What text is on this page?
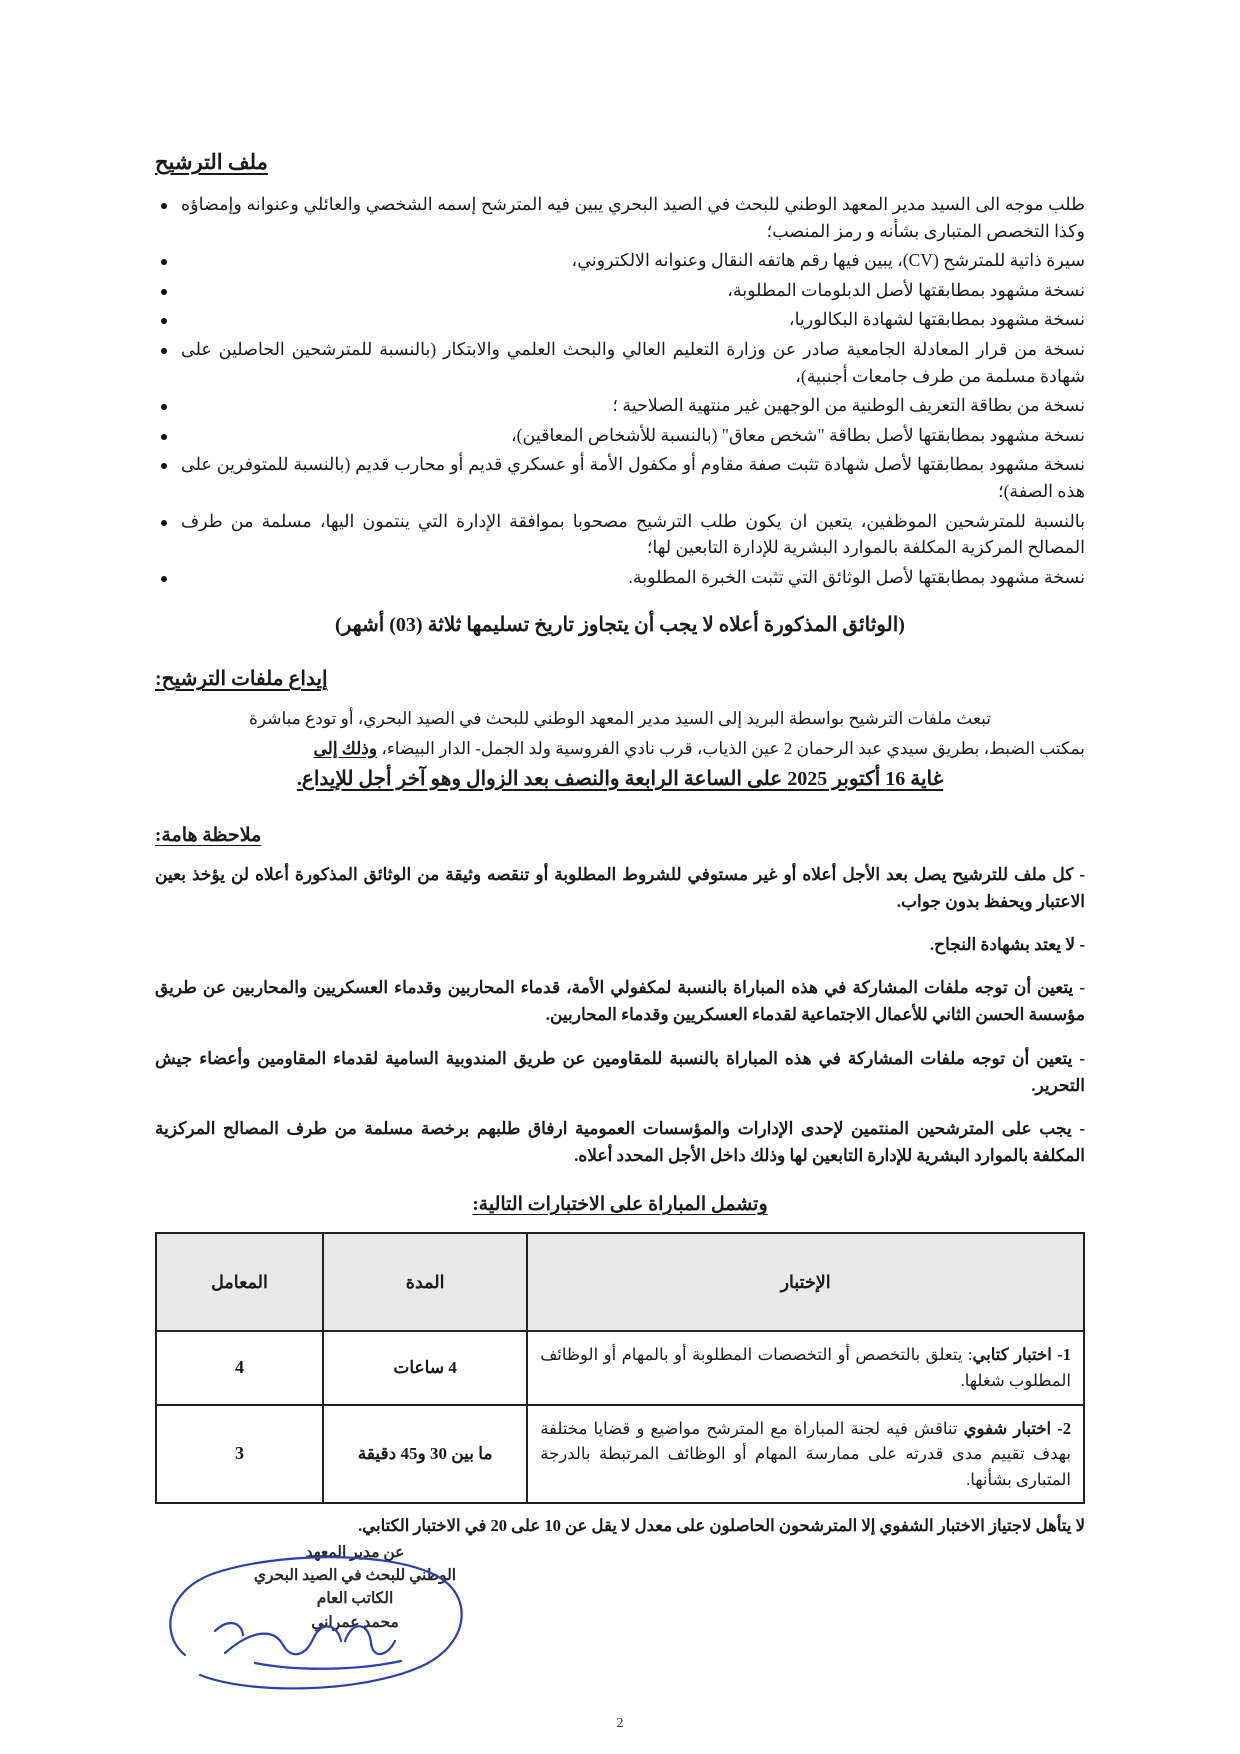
ملف الترشيح
طلب موجه الى السيد مدير المعهد الوطني للبحث في الصيد البحري يبين فيه المترشح إسمه الشخصي والعائلي وعنوانه وإمضاؤه وكذا التخصص المتبارى بشأنه و رمز المنصب؛
سيرة ذاتية للمترشح (CV)، يبين فيها رقم هاتفه النقال وعنوانه الالكتروني،
نسخة مشهود بمطابقتها لأصل الدبلومات المطلوبة،
نسخة مشهود بمطابقتها لشهادة البكالوريا،
نسخة من قرار المعادلة الجامعية صادر عن وزارة التعليم العالي والبحث العلمي والابتكار (بالنسبة للمترشحين الحاصلين على شهادة مسلمة من طرف جامعات أجنبية)،
نسخة من بطاقة التعريف الوطنية من الوجهين غير منتهية الصلاحية ؛
نسخة مشهود بمطابقتها لأصل بطاقة "شخص معاق" (بالنسبة للأشخاص المعاقين)،
نسخة مشهود بمطابقتها لأصل شهادة تثبت صفة مقاوم أو مكفول الأمة أو عسكري قديم أو محارب قديم (بالنسبة للمتوفرين على هذه الصفة)؛
بالنسبة للمترشحين الموظفين، يتعين ان يكون طلب الترشيح مصحوبا بموافقة الإدارة التي ينتمون اليها، مسلمة من طرف المصالح المركزية المكلفة بالموارد البشرية للإدارة التابعين لها؛
نسخة مشهود بمطابقتها لأصل الوثائق التي تثبت الخبرة المطلوبة.
(الوثائق المذكورة أعلاه لا يجب أن يتجاوز تاريخ تسليمها ثلاثة (03) أشهر)
إيداع ملفات الترشيح:
تبعث ملفات الترشيح بواسطة البريد إلى السيد مدير المعهد الوطني للبحث في الصيد البحري، أو تودع مباشرة
بمكتب الضبط، بطريق سيدي عبد الرحمان 2 عين الذياب، قرب نادي الفروسية ولد الجمل- الدار البيضاء، وذلك إلى
غاية 16 أكتوبر 2025 على الساعة الرابعة والنصف بعد الزوال وهو آخر أجل للإيداع.
ملاحظة هامة:
- كل ملف للترشيح يصل بعد الأجل أعلاه أو غير مستوفي للشروط المطلوبة أو تنقصه وثيقة من الوثائق المذكورة أعلاه لن يؤخذ بعين الاعتبار ويحفظ بدون جواب.
- لا يعتد بشهادة النجاح.
- يتعين أن توجه ملفات المشاركة في هذه المباراة بالنسبة لمكفولي الأمة، قدماء المحاربين وقدماء العسكريين والمحاربين عن طريق مؤسسة الحسن الثاني للأعمال الاجتماعية لقدماء العسكريين وقدماء المحاربين.
- يتعين أن توجه ملفات المشاركة في هذه المباراة بالنسبة للمقاومين عن طريق المندوبية السامية لقدماء المقاومين وأعضاء جيش التحرير.
- يجب على المترشحين المنتمين لإحدى الإدارات والمؤسسات العمومية ارفاق طلبهم برخصة مسلمة من طرف المصالح المركزية المكلفة بالموارد البشرية للإدارة التابعين لها وذلك داخل الأجل المحدد أعلاه.
وتشمل المباراة على الاختبارات التالية:
الإختبار	المدة	المعامل
1- اختبار كتابي: يتعلق بالتخصص أو التخصصات المطلوبة أو بالمهام أو الوظائف المطلوب شغلها.	4 ساعات	4
2- اختبار شفوي تناقش فيه لجنة المباراة مع المترشح مواضيع و قضايا مختلفة بهدف تقييم مدى قدرته على ممارسة المهام أو الوظائف المرتبطة بالدرجة المتبارى بشأنها.	ما بين 30 و45 دقيقة	3
لا يتأهل لاجتياز الاختبار الشفوي إلا المترشحون الحاصلون على معدل لا يقل عن 10 على 20 في الاختبار الكتابي.
عن مدير المعهد
الوطني للبحث في الصيد البحري
الكاتب العام
محمد عمراني
2
